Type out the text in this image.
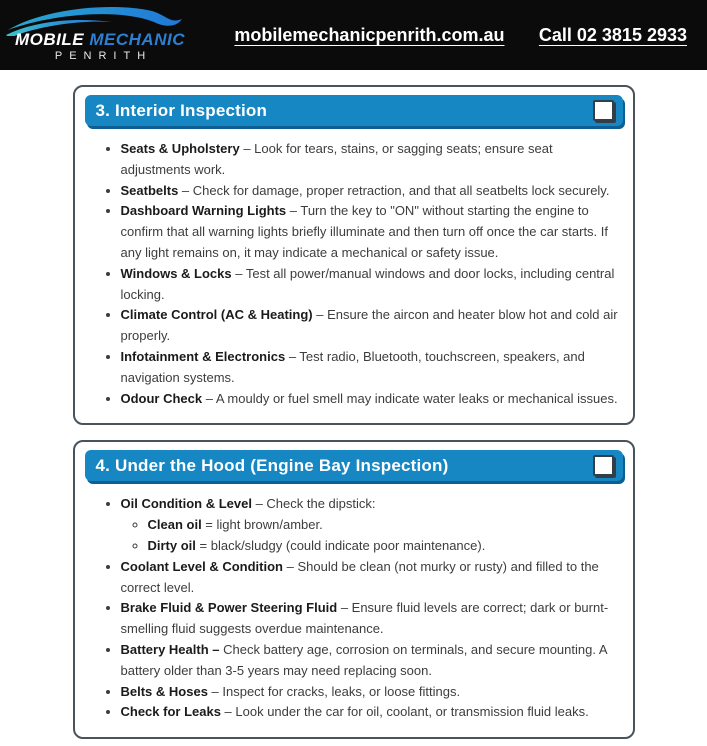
MOBILE MECHANIC
PENRITH
mobilemechanicpenrith.com.au	Call 02 3815 2933
3. Interior Inspection
• Seats & Upholstery – Look for tears, stains, or sagging seats; ensure seat adjustments work.
• Seatbelts – Check for damage, proper retraction, and that all seatbelts lock securely.
• Dashboard Warning Lights – Turn the key to "ON" without starting the engine to confirm that all warning lights briefly illuminate and then turn off once the car starts. If any light remains on, it may indicate a mechanical or safety issue.
• Windows & Locks – Test all power/manual windows and door locks, including central locking.
• Climate Control (AC & Heating) – Ensure the aircon and heater blow hot and cold air properly.
• Infotainment & Electronics – Test radio, Bluetooth, touchscreen, speakers, and navigation systems.
• Odour Check – A mouldy or fuel smell may indicate water leaks or mechanical issues.
4. Under the Hood (Engine Bay Inspection)
• Oil Condition & Level – Check the dipstick:
◦ Clean oil = light brown/amber.
◦ Dirty oil = black/sludgy (could indicate poor maintenance).
• Coolant Level & Condition – Should be clean (not murky or rusty) and filled to the correct level.
• Brake Fluid & Power Steering Fluid – Ensure fluid levels are correct; dark or burnt-smelling fluid suggests overdue maintenance.
• Battery Health – Check battery age, corrosion on terminals, and secure mounting. A battery older than 3-5 years may need replacing soon.
• Belts & Hoses – Inspect for cracks, leaks, or loose fittings.
• Check for Leaks – Look under the car for oil, coolant, or transmission fluid leaks.
